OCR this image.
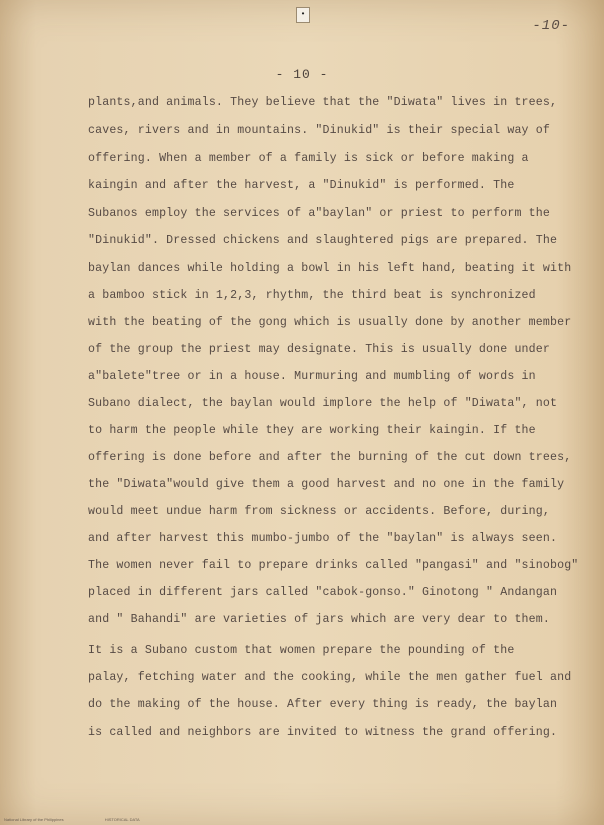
•
-10-
- 10 -
plants,and animals. They believe that the "Diwata" lives in trees,
caves, rivers and in mountains. "Dinukid" is their special way of
offering. When a member of a family is sick or before making a
kaingin and after the harvest, a "Dinukid" is performed. The
Subanos employ the services of a"baylan" or priest to perform the
"Dinukid". Dressed chickens and slaughtered pigs are prepared. The
baylan dances while holding a bowl in his left hand, beating it with
a bamboo stick in 1,2,3, rhythm, the third beat is synchronized
with the beating of the gong which is usually done by another member
of the group the priest may designate. This is usually done under
a"balete"tree or in a house. Murmuring and mumbling of words in
Subano dialect, the baylan would implore the help of "Diwata", not
to harm the people while they are working their kaingin. If the
offering is done before and after the burning of the cut down trees,
the "Diwata"would give them a good harvest and no one in the family
would meet undue harm from sickness or accidents. Before, during,
and after harvest this mumbo-jumbo of the "baylan" is always seen.
The women never fail to prepare drinks called "pangasi" and "sinobog"
placed in different jars called "cabok-gonso." Ginotong " Andangan
and " Bahandi" are varieties of jars which are very dear to them.
It is a Subano custom that women prepare the pounding of the
palay, fetching water and the cooking, while the men gather fuel and
do the making of the house. After every thing is ready, the baylan
is called and neighbors are invited to witness the grand offering.
National Library of the Philippines	HISTORICAL DATA
